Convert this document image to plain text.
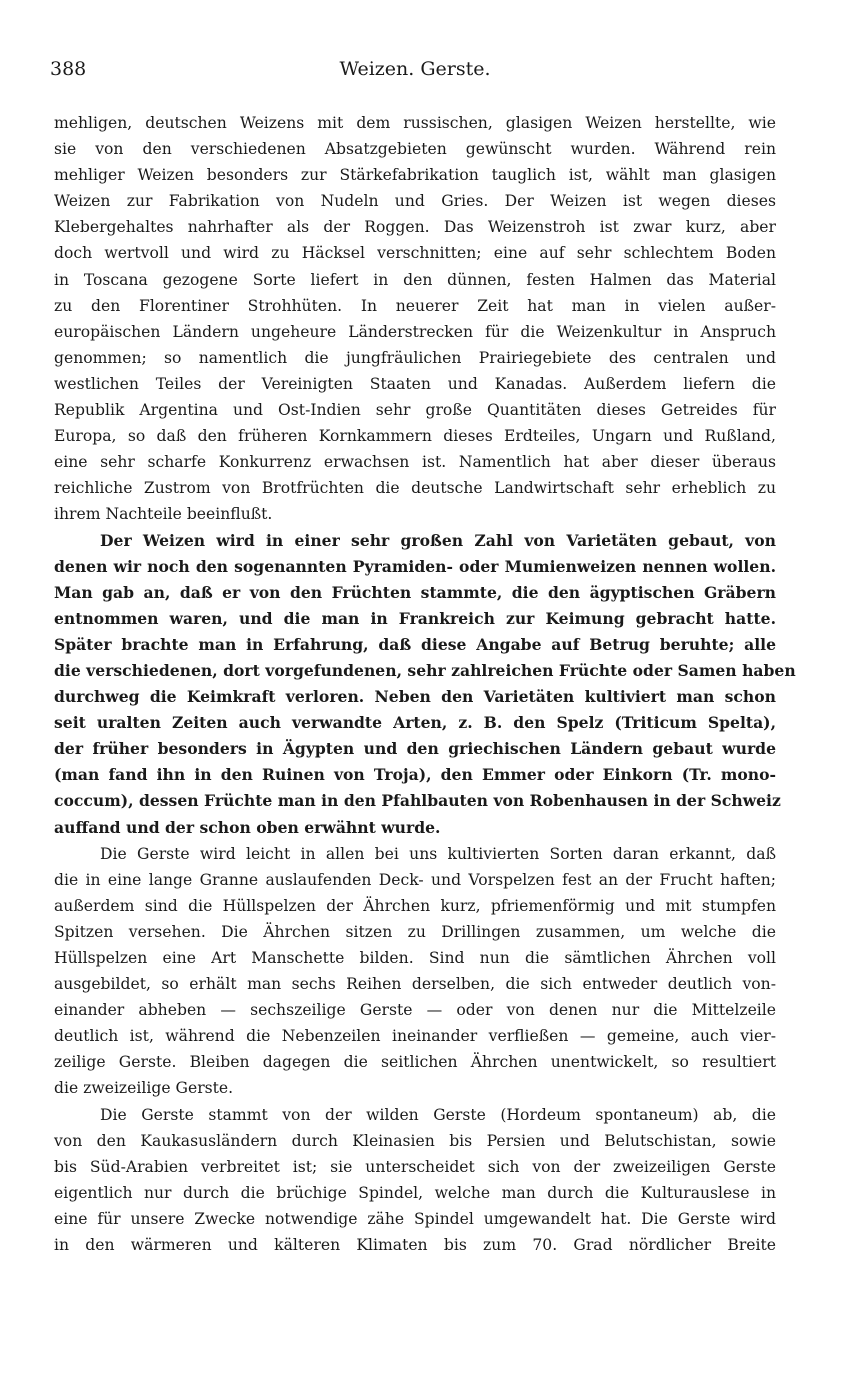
388	Weizen. Gerste.
mehligen, deutschen Weizens mit dem russischen, glasigen Weizen herstellte, wie
sie von den verschiedenen Absatzgebieten gewünscht wurden. Während rein
mehliger Weizen besonders zur Stärkefabrikation tauglich ist, wählt man glasigen
Weizen zur Fabrikation von Nudeln und Gries. Der Weizen ist wegen dieses
Klebergehaltes nahrhafter als der Roggen. Das Weizenstroh ist zwar kurz, aber
doch wertvoll und wird zu Häcksel verschnitten; eine auf sehr schlechtem Boden
in Toscana gezogene Sorte liefert in den dünnen, festen Halmen das Material
zu den Florentiner Strohhüten. In neuerer Zeit hat man in vielen außer-
europäischen Ländern ungeheure Länderstrecken für die Weizenkultur in Anspruch
genommen; so namentlich die jungfräulichen Prairiegebiete des centralen und
westlichen Teiles der Vereinigten Staaten und Kanadas. Außerdem liefern die
Republik Argentina und Ost-Indien sehr große Quantitäten dieses Getreides für
Europa, so daß den früheren Kornkammern dieses Erdteiles, Ungarn und Rußland,
eine sehr scharfe Konkurrenz erwachsen ist. Namentlich hat aber dieser überaus
reichliche Zustrom von Brotfrüchten die deutsche Landwirtschaft sehr erheblich zu
ihrem Nachteile beeinflußt.
Der Weizen wird in einer sehr großen Zahl von Varietäten gebaut, von
denen wir noch den sogenannten Pyramiden- oder Mumienweizen nennen wollen.
Man gab an, daß er von den Früchten stammte, die den ägyptischen Gräbern
entnommen waren, und die man in Frankreich zur Keimung gebracht hatte.
Später brachte man in Erfahrung, daß diese Angabe auf Betrug beruhte; alle
die verschiedenen, dort vorgefundenen, sehr zahlreichen Früchte oder Samen haben
durchweg die Keimkraft verloren. Neben den Varietäten kultiviert man schon
seit uralten Zeiten auch verwandte Arten, z. B. den Spelz (Triticum Spelta),
der früher besonders in Ägypten und den griechischen Ländern gebaut wurde
(man fand ihn in den Ruinen von Troja), den Emmer oder Einkorn (Tr. mono-
coccum), dessen Früchte man in den Pfahlbauten von Robenhausen in der Schweiz
auffand und der schon oben erwähnt wurde.
Die Gerste wird leicht in allen bei uns kultivierten Sorten daran erkannt, daß
die in eine lange Granne auslaufenden Deck- und Vorspelzen fest an der Frucht haften;
außerdem sind die Hüllspelzen der Ährchen kurz, pfriemenförmig und mit stumpfen
Spitzen versehen. Die Ährchen sitzen zu Drillingen zusammen, um welche die
Hüllspelzen eine Art Manschette bilden. Sind nun die sämtlichen Ährchen voll
ausgebildet, so erhält man sechs Reihen derselben, die sich entweder deutlich von-
einander abheben — sechszeilige Gerste — oder von denen nur die Mittelzeile
deutlich ist, während die Nebenzeilen ineinander verfließen — gemeine, auch vier-
zeilige Gerste. Bleiben dagegen die seitlichen Ährchen unentwickelt, so resultiert
die zweizeilige Gerste.
Die Gerste stammt von der wilden Gerste (Hordeum spontaneum) ab, die
von den Kaukasusländern durch Kleinasien bis Persien und Belutschistan, sowie
bis Süd-Arabien verbreitet ist; sie unterscheidet sich von der zweizeiligen Gerste
eigentlich nur durch die brüchige Spindel, welche man durch die Kulturauslese in
eine für unsere Zwecke notwendige zähe Spindel umgewandelt hat. Die Gerste wird
in den wärmeren und kälteren Klimaten bis zum 70. Grad nördlicher Breite
